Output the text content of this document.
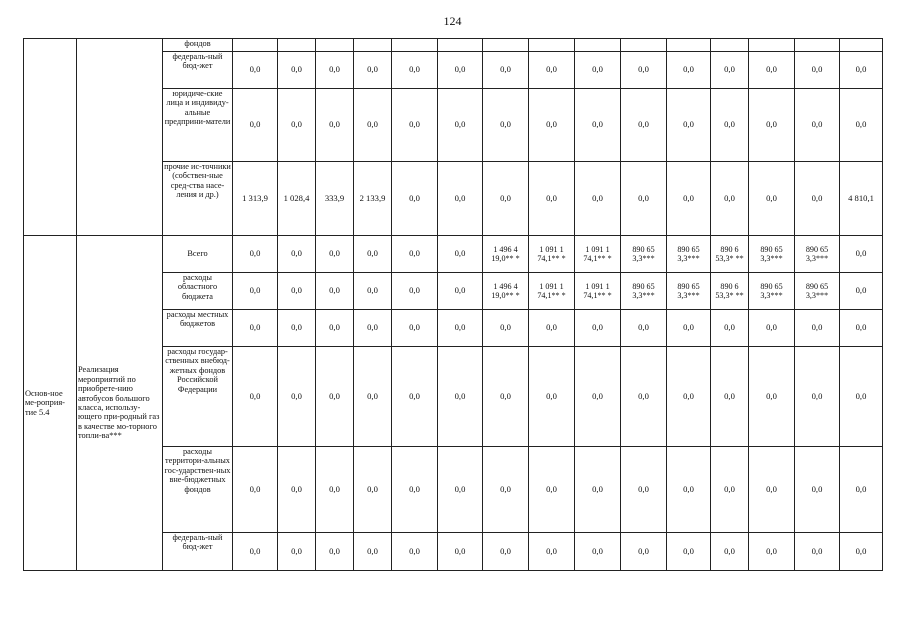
124
		фондов															
		федераль-ный бюд-жет	0,0	0,0	0,0	0,0	0,0	0,0	0,0	0,0	0,0	0,0	0,0	0,0	0,0	0,0	0,0
		юридиче-ские лица и индивиду-альные предприни-матели	0,0	0,0	0,0	0,0	0,0	0,0	0,0	0,0	0,0	0,0	0,0	0,0	0,0	0,0	0,0
		прочие ис-точники (собствен-ные сред-ства насе-ления и др.)	1 313,9	1 028,4	333,9	2 133,9	0,0	0,0	0,0	0,0	0,0	0,0	0,0	0,0	0,0	0,0	4 810,1
Основ-ное ме-роприя-тие 5.4	Реализация мероприятий по приобрете-нию автобусов большого класса, использу-ющего при-родный газ в качестве мо-торного топли-ва***	Всего	0,0	0,0	0,0	0,0	0,0	0,0	1 496 4 19,0** *	1 091 1 74,1** *	1 091 1 74,1** *	890 65 3,3***	890 65 3,3***	890 6 53,3* **	890 65 3,3***	890 65 3,3***	0,0
		расходы областного бюджета	0,0	0,0	0,0	0,0	0,0	0,0	1 496 4 19,0** *	1 091 1 74,1** *	1 091 1 74,1** *	890 65 3,3***	890 65 3,3***	890 6 53,3* **	890 65 3,3***	890 65 3,3***	0,0
		расходы местных бюджетов	0,0	0,0	0,0	0,0	0,0	0,0	0,0	0,0	0,0	0,0	0,0	0,0	0,0	0,0	0,0
		расходы государ-ственных внебюд-жетных фондов Российской Федерации	0,0	0,0	0,0	0,0	0,0	0,0	0,0	0,0	0,0	0,0	0,0	0,0	0,0	0,0	0,0
		расходы территори-альных гос-ударствен-ных вне-бюджетных фондов	0,0	0,0	0,0	0,0	0,0	0,0	0,0	0,0	0,0	0,0	0,0	0,0	0,0	0,0	0,0
		федераль-ный бюд-жет	0,0	0,0	0,0	0,0	0,0	0,0	0,0	0,0	0,0	0,0	0,0	0,0	0,0	0,0	0,0
